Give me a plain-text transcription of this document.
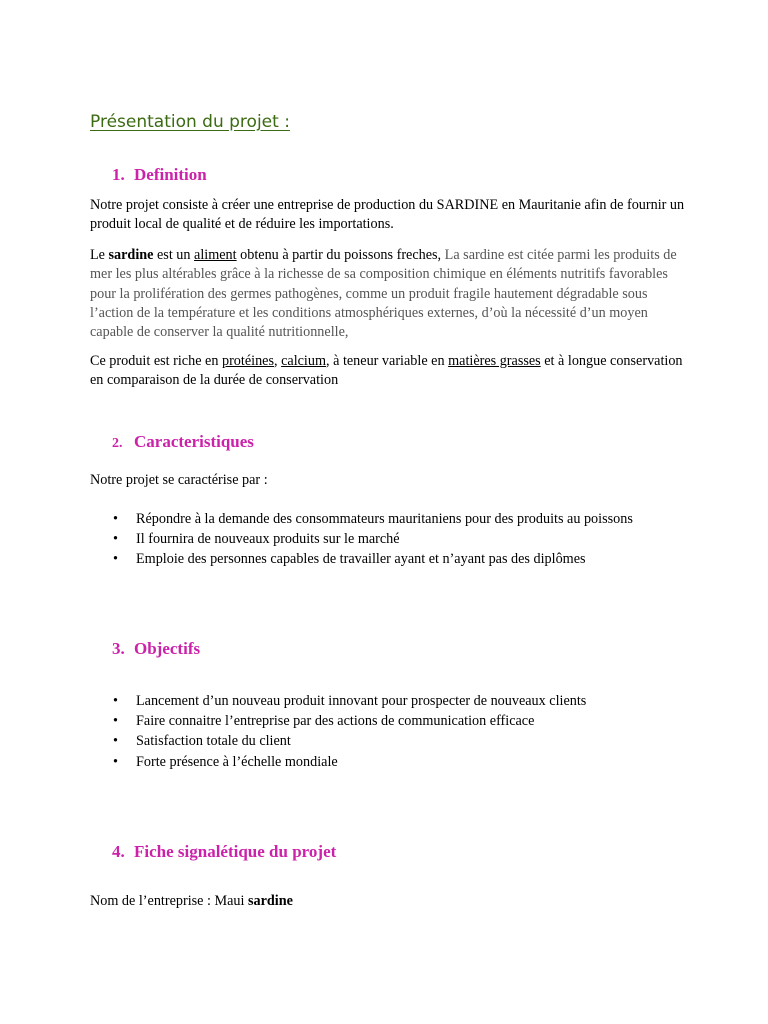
Présentation du projet :
1. Definition

Notre projet consiste à créer une entreprise de production du SARDINE en Mauritanie afin de fournir un produit local de qualité et de réduire les importations.

Le sardine est un aliment obtenu à partir du poissons freches, La sardine est citée parmi les produits de mer les plus altérables grâce à la richesse de sa composition chimique en éléments nutritifs favorables pour la prolifération des germes pathogènes, comme un produit fragile hautement dégradable sous l’action de la température et les conditions atmosphériques externes, d’où la nécessité d’un moyen capable de conserver la qualité nutritionnelle,

Ce produit est riche en protéines, calcium, à teneur variable en matières grasses et à longue conservation en comparaison de la durée de conservation

2. Caracteristiques
Notre projet se caractérise par :
• Répondre à la demande des consommateurs mauritaniens pour des produits au poissons
• Il fournira de nouveaux produits sur le marché
• Emploie des personnes capables de travailler ayant et n’ayant pas des diplômes
3. Objectifs
• Lancement d’un nouveau produit innovant pour prospecter de nouveaux clients
• Faire connaitre l’entreprise par des actions de communication efficace
• Satisfaction totale du client
• Forte présence à l’échelle mondiale
4. Fiche signalétique du projet
Nom de l’entreprise : Maui sardine
